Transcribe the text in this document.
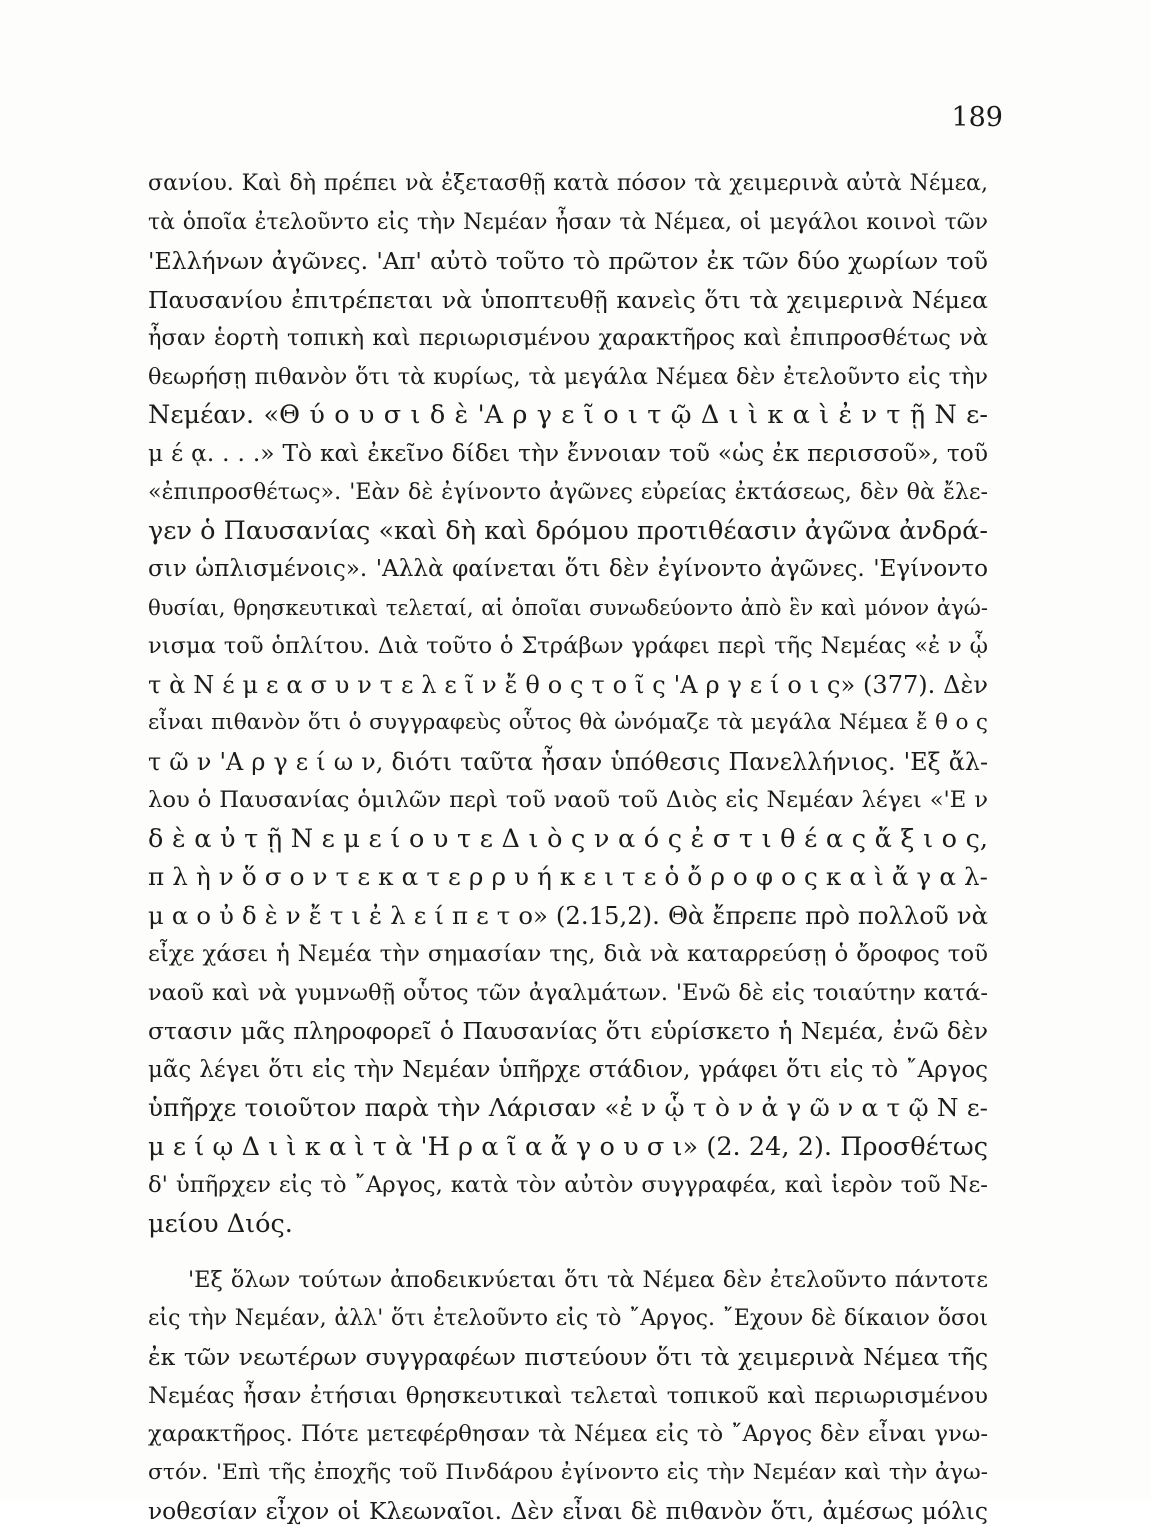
189
σανίου. Καὶ δὴ πρέπει νὰ ἐξετασθῇ κατὰ πόσον τὰ χειμερινὰ αὐτὰ Νέμεα,
τὰ ὁποῖα ἐτελοῦντο εἰς τὴν Νεμέαν ἦσαν τὰ Νέμεα, οἱ μεγάλοι κοινοὶ τῶν
'Ελλήνων ἀγῶνες. 'Απ' αὐτὸ τοῦτο τὸ πρῶτον ἐκ τῶν δύο χωρίων τοῦ
Παυσανίου ἐπιτρέπεται νὰ ὑποπτευθῇ κανεὶς ὅτι τὰ χειμερινὰ Νέμεα
ἦσαν ἑορτὴ τοπικὴ καὶ περιωρισμένου χαρακτῆρος καὶ ἐπιπροσθέτως νὰ
θεωρήσῃ πιθανὸν ὅτι τὰ κυρίως, τὰ μεγάλα Νέμεα δὲν ἐτελοῦντο εἰς τὴν
Νεμέαν. «Θ ύ ο υ σ ι δ ὲ 'Α ρ γ ε ῖ ο ι τ ῷ Δ ι ὶ κ α ὶ ἐ ν τ ῇ Ν ε-
μ έ ᾳ. . . .» Τὸ καὶ ἐκεῖνο δίδει τὴν ἔννοιαν τοῦ «ὡς ἐκ περισσοῦ», τοῦ
«ἐπιπροσθέτως». 'Εὰν δὲ ἐγίνοντο ἀγῶνες εὐρείας ἐκτάσεως, δὲν θὰ ἔλε-
γεν ὁ Παυσανίας «καὶ δὴ καὶ δρόμου προτιθέασιν ἀγῶνα ἀνδρά-
σιν ὡπλισμένοις». 'Αλλὰ φαίνεται ὅτι δὲν ἐγίνοντο ἀγῶνες. 'Εγίνοντο
θυσίαι, θρησκευτικαὶ τελεταί, αἱ ὁποῖαι συνωδεύοντο ἀπὸ ἓν καὶ μόνον ἀγώ-
νισμα τοῦ ὁπλίτου. Διὰ τοῦτο ὁ Στράβων γράφει περὶ τῆς Νεμέας «ἐ ν ᾧ
τ ὰ Ν έ μ ε α σ υ ν τ ε λ ε ῖ ν ἔ θ ο ς τ ο ῖ ς 'Α ρ γ ε ί ο ι ς» (377). Δὲν
εἶναι πιθανὸν ὅτι ὁ συγγραφεὺς οὗτος θὰ ὠνόμαζε τὰ μεγάλα Νέμεα ἔ θ ο ς
τ ῶ ν 'Α ρ γ ε ί ω ν, διότι ταῦτα ἦσαν ὑπόθεσις Πανελλήνιος. 'Εξ ἄλ-
λου ὁ Παυσανίας ὁμιλῶν περὶ τοῦ ναοῦ τοῦ Διὸς εἰς Νεμέαν λέγει «'Ε ν
δ ὲ α ὐ τ ῇ Ν ε μ ε ί ο υ τ ε Δ ι ὸ ς ν α ό ς ἐ σ τ ι θ έ α ς ἄ ξ ι ο ς,
π λ ὴ ν ὅ σ ο ν τ ε κ α τ ε ρ ρ υ ή κ ε ι τ ε ὁ ὄ ρ ο φ ο ς κ α ὶ ἄ γ α λ-
μ α ο ὐ δ ὲ ν ἔ τ ι ἐ λ ε ί π ε τ ο» (2.15,2). Θὰ ἔπρεπε πρὸ πολλοῦ νὰ
εἶχε χάσει ἡ Νεμέα τὴν σημασίαν της, διὰ νὰ καταρρεύσῃ ὁ ὄροφος τοῦ
ναοῦ καὶ νὰ γυμνωθῇ οὗτος τῶν ἀγαλμάτων. 'Ενῶ δὲ εἰς τοιαύτην κατά-
στασιν μᾶς πληροφορεῖ ὁ Παυσανίας ὅτι εὑρίσκετο ἡ Νεμέα, ἐνῶ δὲν
μᾶς λέγει ὅτι εἰς τὴν Νεμέαν ὑπῆρχε στάδιον, γράφει ὅτι εἰς τὸ ῎Αργος
ὑπῆρχε τοιοῦτον παρὰ τὴν Λάρισαν «ἐ ν ᾧ τ ὸ ν ἀ γ ῶ ν α τ ῷ Ν ε-
μ ε ί ῳ Δ ι ὶ κ α ὶ τ ὰ 'Η ρ α ῖ α ἄ γ ο υ σ ι» (2. 24, 2). Προσθέτως
δ' ὑπῆρχεν εἰς τὸ ῎Αργος, κατὰ τὸν αὐτὸν συγγραφέα, καὶ ἱερὸν τοῦ Νε-
μείου Διός.
'Εξ ὅλων τούτων ἀποδεικνύεται ὅτι τὰ Νέμεα δὲν ἐτελοῦντο πάντοτε
εἰς τὴν Νεμέαν, ἀλλ' ὅτι ἐτελοῦντο εἰς τὸ ῎Αργος. ῎Εχουν δὲ δίκαιον ὅσοι
ἐκ τῶν νεωτέρων συγγραφέων πιστεύουν ὅτι τὰ χειμερινὰ Νέμεα τῆς
Νεμέας ἦσαν ἐτήσιαι θρησκευτικαὶ τελεταὶ τοπικοῦ καὶ περιωρισμένου
χαρακτῆρος. Πότε μετεφέρθησαν τὰ Νέμεα εἰς τὸ ῎Αργος δὲν εἶναι γνω-
στόν. 'Επὶ τῆς ἐποχῆς τοῦ Πινδάρου ἐγίνοντο εἰς τὴν Νεμέαν καὶ τὴν ἀγω-
νοθεσίαν εἶχον οἱ Κλεωναῖοι. Δὲν εἶναι δὲ πιθανὸν ὅτι, ἀμέσως μόλις
